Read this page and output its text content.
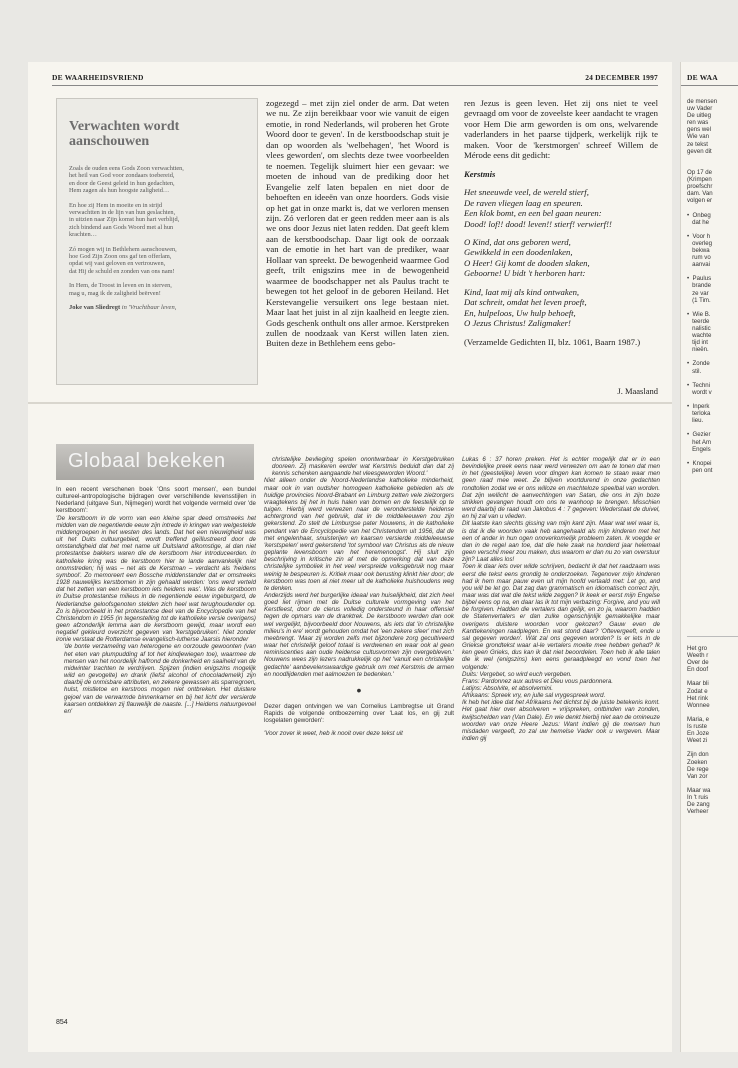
DE WAARHEIDSVRIEND	24 DECEMBER 1997
Verwachten wordt aanschouwen
Zoals de ouden eens Gods Zoon verwachtten,
het heil van God voor zondaars toebereid,
en door de Geest geleid in hun gedachten,
Hem zagen als hun hoogste zaligheid…
En hoe zij Hem in moeite en in strijd
verwachtten in de lijn van hun geslachten,
in uitzien naar Zijn komst hun hart verblijd,
zich bindend aan Gods Woord met al hun
krachten…
Zó mogen wij in Bethlehem aanschouwen,
hoe God Zijn Zoon ons gaf ten offerlam,
opdat wij vast geloven en vertrouwen,
dat Hij de schuld en zonden van ons nam!
In Hem, de Troost in leven en in sterven,
mag u, mag ik de zaligheid beërven!
Joke van Sliedregt in 'Vruchtbaar leven,

zogezegd – met zijn ziel onder de arm. Dat weten we nu. Ze zijn bereikbaar voor wie vanuit de eigen emotie, in rond Nederlands, wil proberen het Grote Woord door te geven'. In de kerstboodschap stuit je dan op woorden als 'welbehagen', 'het Woord is vlees geworden', om slechts deze twee voorbeelden te noemen. Tegelijk sluimert hier een gevaar: we moeten de inhoud van de prediking door het Evangelie zelf laten bepalen en niet door de behoeften en ideeën van onze hoorders. Gods visie op het gat in onze markt is, dat we verloren mensen zijn. Zó verloren dat er geen redden meer aan is als we ons door Jezus niet laten redden. Dat geeft klem aan de kerstboodschap. Daar ligt ook de oorzaak van de emotie in het hart van de prediker, waar Hollaar van spreekt. De bewogenheid waarmee God geeft, trilt enigszins mee in de bewogenheid waarmee de boodschapper net als Paulus tracht te bewegen tot het geloof in de geboren Heiland. Het Kerstevangelie versuikert ons lege bestaan niet. Maar laat het juist in al zijn kaalheid en leegte zien. Gods geschenk onthult ons aller armoe. Kerstpreken zullen de noodzaak van Kerst willen laten zien. Buiten deze in Bethlehem eens gebo-

ren Jezus is geen leven. Het zij ons niet te veel gevraagd om voor de zoveelste keer aandacht te vragen voor Hem Die arm geworden is om ons, welvarende vaderlanders in het paarse tijdperk, werkelijk rijk te maken. Voor de 'kerstmorgen' schreef Willem de Mérode eens dit gedicht:

Kerstmis

Het sneeuwde veel, de wereld stierf,
De raven vliegen laag en speuren.
Een klok bomt, en een bel gaan neuren:
Dood! lof!! dood! leven!! stierf! verwierf!!

O Kind, dat ons geboren werd,
Gewikkeld in een doodenlaken,
O Heer! Gij komt de dooden slaken,
Geboorne! U bidt 't herboren hart:

Kind, laat mij als kind ontwaken,
Dat schreit, omdat het leven proeft,
En, hulpeloos, Uw hulp behoeft,
O Jezus Christus! Zaligmaker!

(Verzamelde Gedichten II, blz. 1061, Baarn 1987.)

J. Maasland
Globaal bekeken

In een recent verschenen boek 'Ons soort mensen', een bundel cultureel-antropologische bijdragen over verschillende levensstijlen in Nederland (uitgave Sun, Nijmegen) wordt het volgende vermeld over 'de kerstboom':

'De kerstboom in de vorm van een kleine spar deed omstreeks het midden van de negentiende eeuw zijn intrede in kringen van welgestelde middengroepen in het westen des lands. Dat het een nieuwigheid was uit het Duits cultuurgebied, wordt treffend geïllustreerd door de omstandigheid dat het met name uit Duitsland afkomstige, al dan niet protestantse bakkers waren die de kerstboom hier introduceerden. In katholieke kring was de kerstboom hier te lande aanvankelijk niet onomstreden; hij was – net als de Kerstman – verdacht als 'heidens symbool'. Zo memoreert een Bossche middenstander dat er omstreeks 1928 nauwelijks kerstbomen in zijn gehaald werden: 'ons werd verteld dat het zetten van een kerstboom iets heidens was'. Was de kerstboom in Duitse protestantse milieus in de negentiende eeuw ingeburgerd, de Nederlandse geloofsgenoten stelden zich heel wat terughoudender op. Zo is bijvoorbeeld in het protestantse deel van de Encyclopedie van het Christendom in 1955 (in tegenstelling tot de katholieke versie overigens) geen afzonderlijk lemma aan de kerstboom gewijd, maar wordt een negatief gekleurd overzicht gegeven van 'kerstgebruiken'. Niet zonder ironie verstaat de Rotterdamse evangelisch-lutherse Jaarsis hieronder

'de bonte verzameling van heterogene en oorzoude gewoonten (van het eten van plumpudding af tot het kindjewiegen toe), waarmee de mensen van het noordelijk halfrond de donkerheid en saaiheid van de midwinter trachten te verdrijven. Spijzen (indien enigszins mogelijk wild en gevogelte) en drank (liefst alcohol of chocolademelk) zijn daarbij de onmisbare attributen, en zekere gewassen als sparregroen, hulst, mistletoe en kerstroos mogen niet ontbreken. Het duistere gejoel van de verwarmde binnenkamer en bij het licht der versierde kaarsen ontdekken zij flauwelijk de naaste. [...] Heidens natuurgevoel en'

christelijke bevlieging spelen onontwarbaar in Kerstgebruiken dooreen. Zij maskeren eerder wat Kerstmis beduidt dan dat zij kennis schenken aangaande het vleesgeworden Woord.'

Niet alleen onder de Noord-Nederlandse katholieke minderheid, maar ook in van oudsher homogeen katholieke gebieden als de huidige provincies Noord-Brabant en Limburg zetten vele zielzorgers vraagtekens bij het in huis halen van bomen en de feestelijk op te tuigen. Hierbij werd verwezen naar de veronderstelde heidense achtergrond van het gebruik, dat in de middeleeuwen zou zijn gekerstend. Zo stelt de Limburgse pater Nouwens, in de katholieke pendant van de Encyclopedie van het Christendom uit 1956, dat de met engelenhaar, snuisterijen en kaarsen versierde middeleeuwse 'kerstspelen' werd gekerstend 'tot symbool van Christus als de nieuw geplante levensboom van het heremenoogst'. Hij sluit zijn beschrijving in kritische zin af met de opmerking dat van deze christelijke symboliek in het veel verspreide volksgebruik nog maar weinig te bespeuren is. Kritiek maar ook berusting klinkt hier door; de kerstboom was toen al niet meer uit de katholieke huishoudens weg te denken.

Anderzijds werd het burgerlijke ideaal van huiselijkheid, dat zich heel goed liet rijmen met de Duitse culturele vormgeving van het Kerstfeest, door de clerus volledig ondersteund in haar offensief tegen de opmars van de dranktrek. De kerstboom werden dan ook wel vergelijkt, bijvoorbeeld door Nouwens, als iets dat 'in christelijke milieu's in ere' wordt gehouden omdat het 'een zekere sfeer' met zich meebrengt. 'Maar zij worden zelfs met bijzondere zorg gecultiveerd waar het christelijk geloof totaal is verdwenen en waar ook al geen reminiscenties aan oude heidense cultusvormen zijn overgebleven.' Nouwens wees zijn lezers nadrukkelijk op het 'vanuit een christelijke gedachte' aanbevelenswaardige gebruik om met Kerstmis de armen en noodlijdenden met aalmoezen te bedenken.'

•

Dezer dagen ontvingen we van Cornelius Lambregtse uit Grand Rapids de volgende ontboezeming over 'Laat los, en gij zult losgelaten geworden':

'Voor zover ik weet, heb ik nooit over deze tekst uit

Lukas 6 : 37 horen preken. Het is echter mogelijk dat er in een bevindelijke preek eens naar werd verwezen om aan te tonen dat men in het (geestelijke) leven voor dingen kan komen te staan waar men geen raad mee weet. Ze blijven voortdurend in onze gedachten rondtollen zodat we er ons willoze en machteloze speelbal van worden. Dat zijn wellicht de aanvechtingen van Satan, die ons in zijn boze strikken gevangen houdt om ons te wanhoop te brengen. Misschien werd daarbij de raad van Jakobus 4 : 7 gegeven: Wederstaat de duivel, en hij zal van u vlieden.

Dit laatste kan slechts gissing van mijn kant zijn. Maar wat wel waar is, is dat ik die woorden vaak heb aangehaald als mijn kinderen met het een of ander in hun ogen onoverkomelijk probleem zaten. Ik voegde er dan in de regel aan toe, dat die hele zaak na honderd jaar helemaal geen verschil meer zou maken, dus waarom er dan nu zo van overstuur zijn? Laat alles los!

Toen ik daar iets over wilde schrijven, bedacht ik dat het raadzaam was eerst die tekst eens grondig te onderzoeken. Tegenover mijn kinderen had ik hem maar pauw even uit mijn hoofd vertaald met: Let go, and you will be let go. Dat zag dan grammatisch en idiomatisch correct zijn, maar was dat wat die tekst wilde zeggen? Ik keek er eerst mijn Engelse bijbel eens op na, en daar las ik tot mijn verbazing: Forgive, and you will be forgiven. Hadden die vertalers dan gelijk, en zo ja, waarom hadden de Statenvertalers er dan zulke ogenschijnlijk gemakkelijke maar overigens duistere woorden voor gekozen? Gauw even de Kanttekeningen raadplegen. En wat stond daar? 'Oftevergeeft, ende u sal gegeven worden'. Wát zal ons gegeven worden? Is er iets in de Griekse grondtekst waar al-le vertalers moeite mee hebben gehad? Ik ken geen Grieks, dus kan ik dat niet beoordelen. Toen heb ik alle talen die ik wel (enigszins) ken eens geraadpleegd en vond toen het volgende:

Duits: Vergebet, so wird euch vergeben.

Frans: Pardonnez aux autres et Dieu vous pardonnera.

Latijns: Absolvite, et absolvemini.

Afrikaans: Spreek vry, en julle sal vrygespreek word.

Ik heb het idee dat het Afrikaans het dichtst bij de juiste betekenis komt. Het gaat hier over absolveren = vrijspreken, ontbinden van zonden, kwijtschelden van (Van Dale). En wie denkt hierbij niet aan de omineuze woorden van onze Heere Jezus: Want indien gij de mensen hun misdaden vergeeft, zo zal uw hemelse Vader ook u vergeven. Maar indien gij

854
DE WAA
de mensen
uw Vader
De uitleg
ren was
gens wel
Wie van
ze tekst
geven dit
Op 17 de
(Krimpen
proefschr
dam. Van
volgen er
•  Onbeg
dat he
•  Voor h
overleg
bekwa
rum vo
aanvai
•  Paulus
brande
ze var
(1 Tim.
•  Wie B.
teerde
nalistic
wachte
tijd int
nieën.
•  Zonde
stil.
•  Techni
wordt v
•  Inperk
terloka
lieu.
•  Gezier
het Am
Engels
•  Knopei
pen ont
Het gro
Weeth r
Over de
En doof
Maar bli
Zodat e
Het rink
Wonnee
Maria, e
Is ruste
En Joze
Weet zi
Zijn don
Zoeken
De rege
Van zor
Maar wa
In 't ruis
De zang
Verheer
